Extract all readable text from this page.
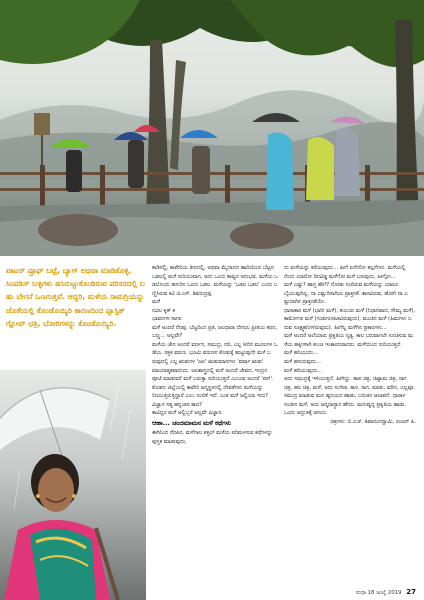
ವಾಟರ್ ಪ್ರೂಫ್ ಬಟ್ಟೆ, ಬ್ಯಾಗ್ ಅಥವಾ ಮಾಡಿಕೊಳ್ಳಿ. ಸಿಂಪಡಿಸ್ ಬಳ್ಳಿಗಳು ಹಸಿರುಟ್ಟುಕೊಂಡಿರುವ ಪರಿಸರದಲ್ಲಿ ಬಹು ಬೇಗನೆ ಒಣಗುತ್ತವೆ. ಆದ್ದರಿ, ಮಳೆಯ ಸಾಮಗ್ರಿಯನ್ನು ಜೊತೆಯಲ್ಲಿ ಕೊಂಡೊಯ್ಯಿರಿ ಕಾರಣದಿಂದ ಪ್ಲಾಸ್ಟಿಕ್ ಗ್ಲೋವ್ ಛತ್ರಿ, ಬೋರಿಗಳನ್ನು ಕೊಂಡೊಯ್ಯಿರಿ.

ಕಾಡಿನಲ್ಲಿ, ಕಾವೇರಿಯ ತೀರದಲ್ಲಿ, ಅಥವಾ ಮೈದಾನದ ಹಾದಿಯಿಂದ ಬೆಟ್ಟದ ಒಡಲಲ್ಲಿ ಮಳೆ ಸುರಿಯುವಾಗ, ಅದು ಒಂದು ಕಾವ್ಯದ ಅನುಭವ. ಮಳೆಯ ಒಡಲೊಂದು ಹಸುರಿನ ಒಂದು ಒಡಲ. ಮಳೆಯನ್ನು 'ಒಡಲ ಒಡಲ' ಎಂದು ಬಣ್ಣಿಸಿರುವ ಕವಿ ಜಿ.ಎಸ್. ಶಿವರುದ್ರಪ್ಪ.

ಮಳೆ

ನವಿಲ ಕೃಕ್ ಕ

ಭಾವನಗಳ ಸಾಗರ

ಮಳೆ ಅಂದರೆ ನೆನಪು. ಬೆಟ್ಟದಿಂದ ಪ್ರತಿ, ಜಲಧಾರಾ ದೇಗುಲ ಪ್ರೀತಿಯ ಕಥನ, ಬಣ್ಣ... ಅಲ್ಲವೇ?

ಮಳೆಯ ಜೇನ ಅಂದರೆ ವರ್ಣನ, ಸಮುದ್ರ, ನದಿ, ಎಲ್ಲ ಸೀರಿನ ಮೂಲಗಳ ಒಡೆಯ. ರಕ್ತಕ ವರುಣ. ಭೂಮಿ ವರುಣನ ಕೊಡುಕ್ಕೆ ಹುಟ್ಟುವುದೇ ಮಳೆ ಬರುವುದಲ್ಲಿ ಎಲ್ಲ ಋತುಗಳ 'ಜಲ' ಋತುಮಾನಗಳು 'ವರ್ಷಾ ಋತು' ಮಾಯಾತ್ಮಕವಾದುದು. ಜಲಶಾಸ್ತ್ರದಲ್ಲಿ ಮಳೆ ಅಂದರೆ ಜೇವದ, ಇಂದ್ರನ ಪೂಜೆ ಮಾಡುವರೆ ಮಳೆ ಬರುತ್ತಾ ಸುರಿಯುತ್ತದೆ ಎಂಬುವ ಅಂದರೆ 'ಪರ್'.

ಕೊಡಗು ಜಿಲ್ಲೆಯಲ್ಲಿ ಕಾವೇರಿ ಜನ್ಮಸ್ಥಳದಲ್ಲಿ ದೇವತೆಗಳು ಮಳೆಯನ್ನು ನೀಯುತ್ತಿರುತ್ತಿದ್ದಾರೆ ಎಂಬ ನಂಬಿಕೆ ಇದೆ. ಎಂತ ಮಳೆ ಜಲ್ಲಿಯಾ ಇದು?

ವಿಜ್ಞಾನ ಸತ್ಯ ಹನ್ನಂತರ ಕಾಣ?

ಕಾವಿದ್ದರ ಮಳೆ ಅಲ್ಲಿಬ್ಬರೆ ಅಲ್ಲವೇ ವಿಜ್ಞಾನ.

ಆಹಾ... ಚಂದಮಾಮನ ಮಳೆ ಕಥೆಗಳು

ಈಗಿನಿಂದ ನೆನಪಿನ, ಮಳೆಗಾಲ ಕತ್ತಲ್ ಮಳೆಯ ಪರಿಮಳಸುವ ಕಥೆಗಳನ್ನು ಪುಸ್ತಕ ಮಾಡುವುದು,

ನು ಮಳೆಯನ್ನು ಕರೆಯುವುದು... ಹೀಗೆ ಏನೇನೋ ಕಲ್ಪನೆಗಳು. ಮಳೆಯಲ್ಲಿ ನೆಂದು ಯಾರೋ ದಿನವಿಡ್ಡ ಮಳೆಗೋ ಮಳೆ ಬರುವುದು, ಹೀಗ್ಗೋ...

ಮಳೆ ಎಷ್ಟು? ಹಾಸ್ತ ಹೇಗೆ? ನೋಡು ಸಂದಿರುವ ಮಳೆಯನ್ನು ಯಾರೂ ಬೈಯುವುದಿಲ್ಲ. ನಾ ಎಷ್ಟುದಿಸಾಗಿಯ ಪ್ರಾಕ್ತನಕೆ. ಶಾಸವಿರುವ, ಹೋಗಿ ನಾ ಎಷ್ಟುದಾಗಿನ ಪ್ರಾಕ್ತನಕೆಯೇ.

ಧಾರಾಕಾರ ಮಳೆ (ಭಾರೀ ಮಳೆ), ಕುಂಬರು ಮಳೆ (ನಿಧಾನವಾದ, ಸೌಮ್ಯ ಮಳೆ), ಕಾರ್ಮೋಡ ಮಳೆ (ಗುಡುಗುಸಹಿತವಿರುವುದು), ಮಂಜಿನ ಮಳೆ (ಹಿಮಗಳು ಬರುವ ಸೂಕ್ಷ್ಮಹನಿಗಳಿರುವುದು). ಹೀಗೆಲ್ಲ ಮಳೆಗಿನ ಪ್ರಕಾರಗಳು...

ಮಳೆ ಅಂದರೆ ಅಲೆಯಾರು ಪ್ರಕೃತಿಯ ನೃತ್ಯ. ಕಾಲ ಬರುವಾಗಲೇ ಸೂಚಿಸುವ ಮಳೆಯ ಹಕ್ಕಿಗಳಾಗಿ ಕುಂಚ ಇಂಕಾರಣರಾದರು. ಮಳೆಯಿಂದ ಸುರಿಯುತ್ತದೆ.

ಮಳೆ ಹನಿಯುದು...

ಮಳೆ ಹಸುರುವುದು...

ಮಳೆ ಹರಿಯುವುದು...

ಅದು ಸಮುದ್ರಕ್ಕೆ ಇಳಿಯುತ್ತದೆ. ಹೀಗಿದ್ದು. ತಾಪ ಚಿತ್ರ, ಚಿಟ್ಟಾಮ ಚಿತ್ರ, ರಾಗ ಚಿತ್ರ, ಹಲ ಚಿತ್ರ, ಮಳೆ, ಅದು ಸಂಗೀತ, ತಾಳ, ರಾಗ, ಮಾತು, ಮೌನ, ಎಲ್ಲವೂ. ಸಮುದ್ರ ಮಾಡುವ ಮನ ಹೃದಯದ ಹಾಡು, ಬದುಕಿನ ಆಲಾಪನೆ, ಧಾರಾಳ ಸಂಜೀನ ಮಳೆ, ಅದು ಜನ್ಮದಾಸ್ಥಾನ ಹೌದು. ಮನುಷ್ಯನ್ನ ಪ್ರಕೃತಿಯ ಹಾಡು, ಒಂದು ಅದ್ಭುತಕ್ಕೆ ಆನಂದ.

ಚಿತ್ರಗಳು: ಬಿ.ಎಚ್. ಶಿವಾನಂದಸ್ವಾಮಿ, ರಂಜನ್ ಪಿ.

ಸುಧಾ 18 ಜುಲೈ 2019 27
